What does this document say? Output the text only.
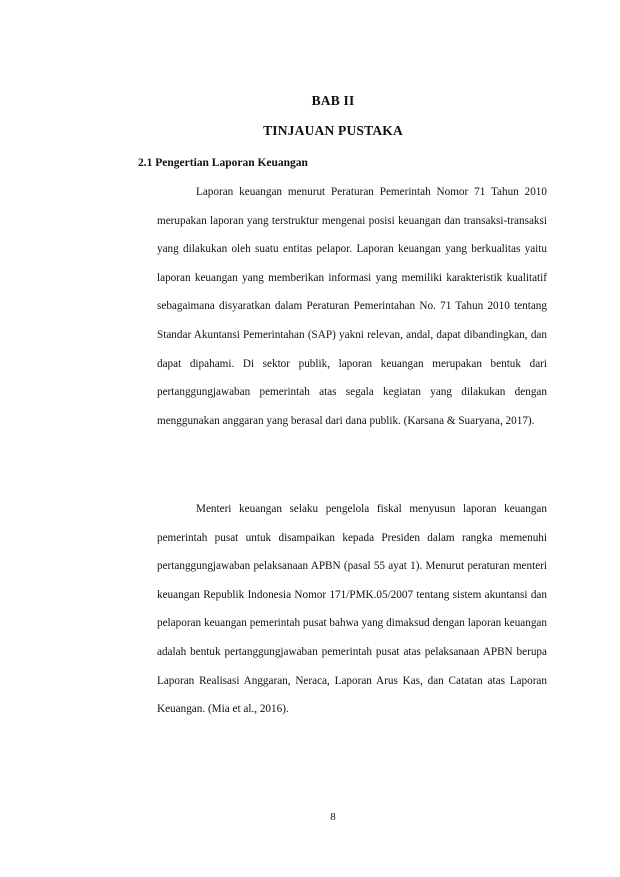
BAB II
TINJAUAN PUSTAKA
2.1 Pengertian Laporan Keuangan

Laporan keuangan menurut Peraturan Pemerintah Nomor 71 Tahun 2010 merupakan laporan yang terstruktur mengenai posisi keuangan dan transaksi-transaksi yang dilakukan oleh suatu entitas pelapor. Laporan keuangan yang berkualitas yaitu laporan keuangan yang memberikan informasi yang memiliki karakteristik kualitatif sebagaimana disyaratkan dalam Peraturan Pemerintahan No. 71 Tahun 2010 tentang Standar Akuntansi Pemerintahan (SAP) yakni relevan, andal, dapat dibandingkan, dan dapat dipahami. Di sektor publik, laporan keuangan merupakan bentuk dari pertanggungjawaban pemerintah atas segala kegiatan yang dilakukan dengan menggunakan anggaran yang berasal dari dana publik. (Karsana & Suaryana, 2017).

Menteri keuangan selaku pengelola fiskal menyusun laporan keuangan pemerintah pusat untuk disampaikan kepada Presiden dalam rangka memenuhi pertanggungjawaban pelaksanaan APBN (pasal 55 ayat 1). Menurut peraturan menteri keuangan Republik Indonesia Nomor 171/PMK.05/2007 tentang sistem akuntansi dan pelaporan keuangan pemerintah pusat bahwa yang dimaksud dengan laporan keuangan adalah bentuk pertanggungjawaban pemerintah pusat atas pelaksanaan APBN berupa Laporan Realisasi Anggaran, Neraca, Laporan Arus Kas, dan Catatan atas Laporan Keuangan. (Mia et al., 2016).

8
